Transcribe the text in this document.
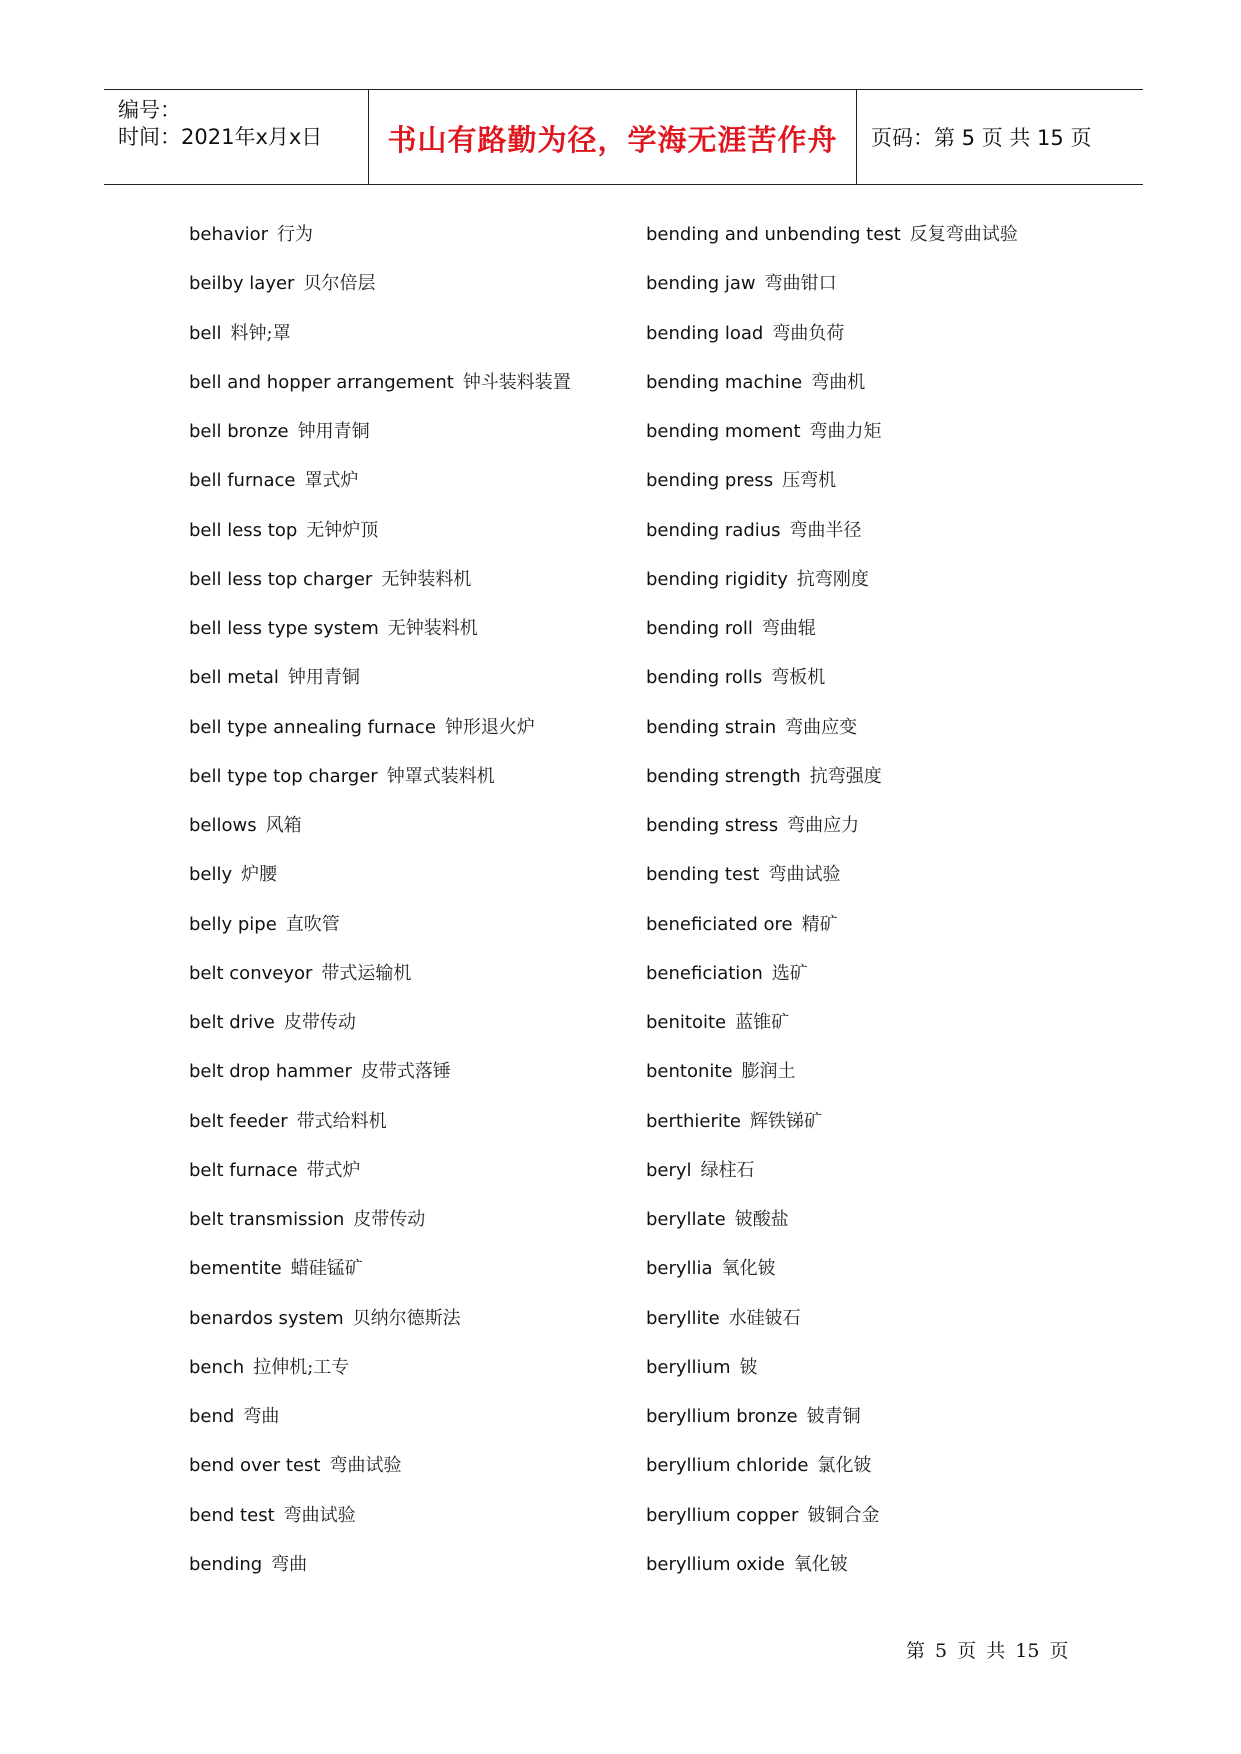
编号：
时间：2021年x月x日	书山有路勤为径，学海无涯苦作舟	页码：第 5 页 共 15 页
behavior 行为
beilby layer 贝尔倍层
bell 料钟;罩
bell and hopper arrangement 钟斗装料装置
bell bronze 钟用青铜
bell furnace 罩式炉
bell less top 无钟炉顶
bell less top charger 无钟装料机
bell less type system 无钟装料机
bell metal 钟用青铜
bell type annealing furnace 钟形退火炉
bell type top charger 钟罩式装料机
bellows 风箱
belly 炉腰
belly pipe 直吹管
belt conveyor 带式运输机
belt drive 皮带传动
belt drop hammer 皮带式落锤
belt feeder 带式给料机
belt furnace 带式炉
belt transmission 皮带传动
bementite 蜡硅锰矿
benardos system 贝纳尔德斯法
bench 拉伸机;工专
bend 弯曲
bend over test 弯曲试验
bend test 弯曲试验
bending 弯曲
bending and unbending test 反复弯曲试验
bending jaw 弯曲钳口
bending load 弯曲负荷
bending machine 弯曲机
bending moment 弯曲力矩
bending press 压弯机
bending radius 弯曲半径
bending rigidity 抗弯刚度
bending roll 弯曲辊
bending rolls 弯板机
bending strain 弯曲应变
bending strength 抗弯强度
bending stress 弯曲应力
bending test 弯曲试验
beneficiated ore 精矿
beneficiation 选矿
benitoite 蓝锥矿
bentonite 膨润土
berthierite 辉铁锑矿
beryl 绿柱石
beryllate 铍酸盐
beryllia 氧化铍
beryllite 水硅铍石
beryllium 铍
beryllium bronze 铍青铜
beryllium chloride 氯化铍
beryllium copper 铍铜合金
beryllium oxide 氧化铍
第 5 页 共 15 页
